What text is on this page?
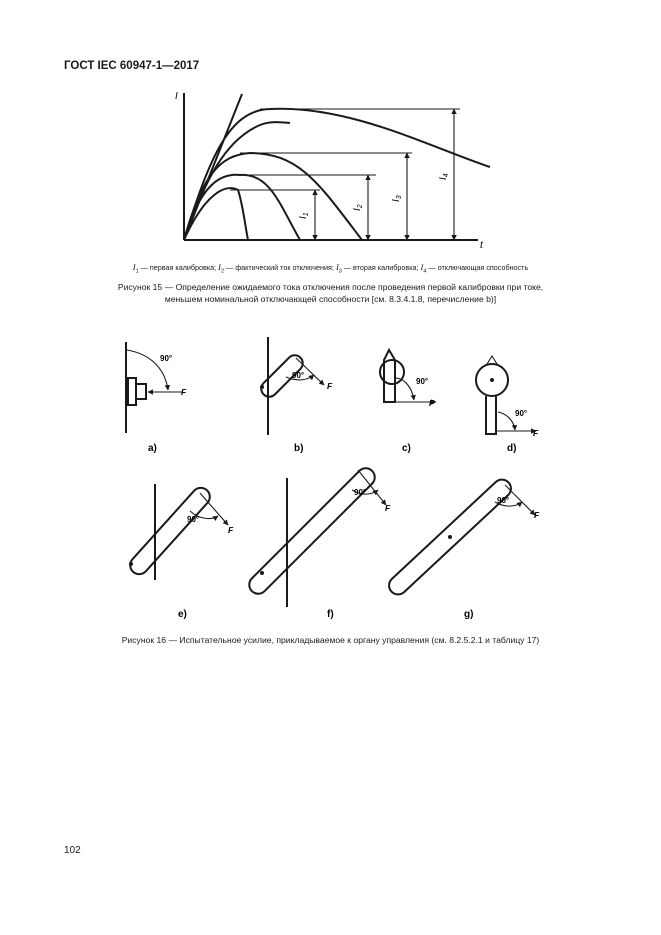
ГОСТ IEC 60947-1—2017
I
t
$I_1$
$I_2$
$I_3$
$I_4$
$I_1$ — первая калибровка; $I_2$ — фактический ток отключения; $I_3$ — вторая калибровка; $I_4$ — отключающая способность

Рисунок 15 — Определение ожидаемого тока отключения после проведения первой калибровки при токе,
меньшем номинальной отключающей способности [см. 8.3.4.1.8, перечисление b)]

90°
F
a)
90°
F
b)
90°
F
c)
90°
F
d)
90°
F
e)
90°
F
f)
90°
F
g)

Рисунок 16 — Испытательное усилие, прикладываемое к органу управления (см. 8.2.5.2.1 и таблицу 17)

102
